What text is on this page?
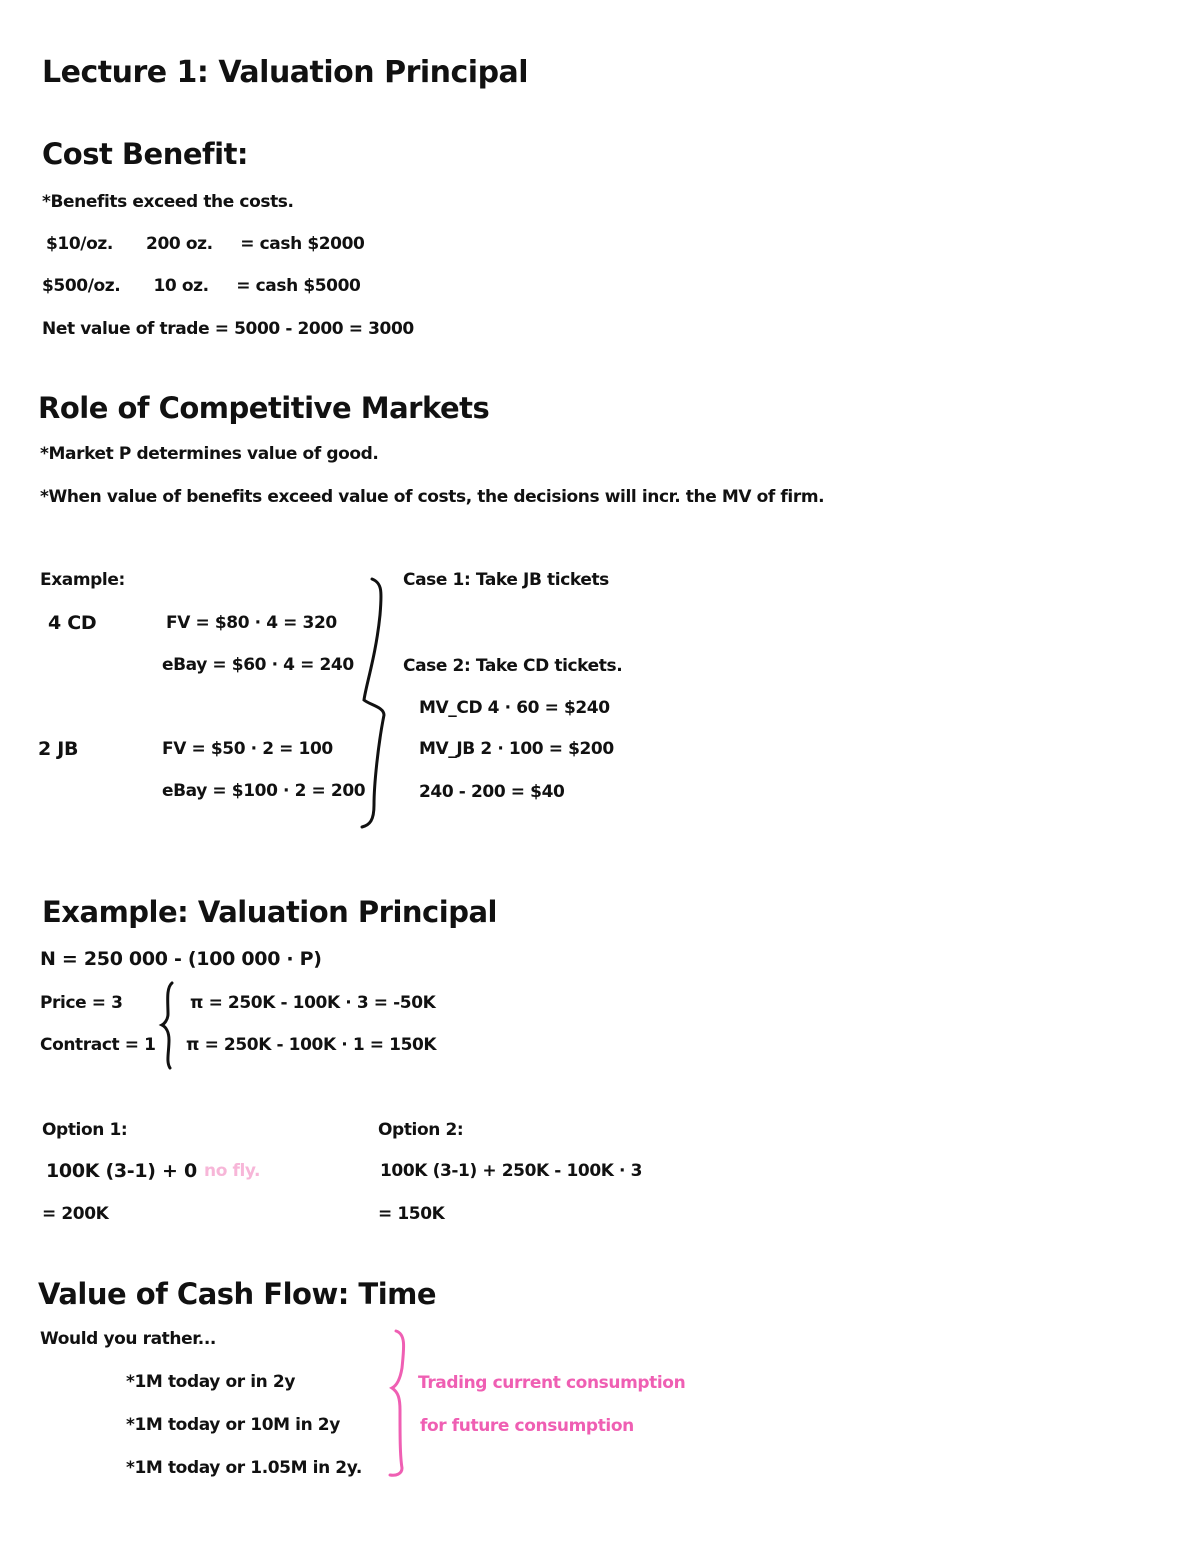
Lecture 1: Valuation Principal
Cost Benefit:
*Benefits exceed the costs.
$10/oz.      200 oz.     = cash $2000
$500/oz.      10 oz.     = cash $5000
Net value of trade = 5000 - 2000 = 3000
Role of Competitive Markets
*Market P determines value of good.
*When value of benefits exceed value of costs, the decisions will incr. the MV of firm.
Example:
4 CD	FV = $80 · 4 = 320
eBay = $60 · 4 = 240
2 JB	FV = $50 · 2 = 100
eBay = $100 · 2 = 200
Case 1: Take JB tickets
Case 2: Take CD tickets.
MV_CD 4 · 60 = $240
MV_JB 2 · 100 = $200
240 - 200 = $40
Example: Valuation Principal
N = 250 000 - (100 000 · P)
Price = 3
Contract = 1
π = 250K - 100K · 3 = -50K
π = 250K - 100K · 1 = 150K
Option 1:
100K (3-1) + 0 no fly.
= 200K
Option 2:
100K (3-1) + 250K - 100K · 3
= 150K
Value of Cash Flow: Time
Would you rather...
*1M today or in 2y
*1M today or 10M in 2y
*1M today or 1.05M in 2y.
Trading current consumption
for future consumption
